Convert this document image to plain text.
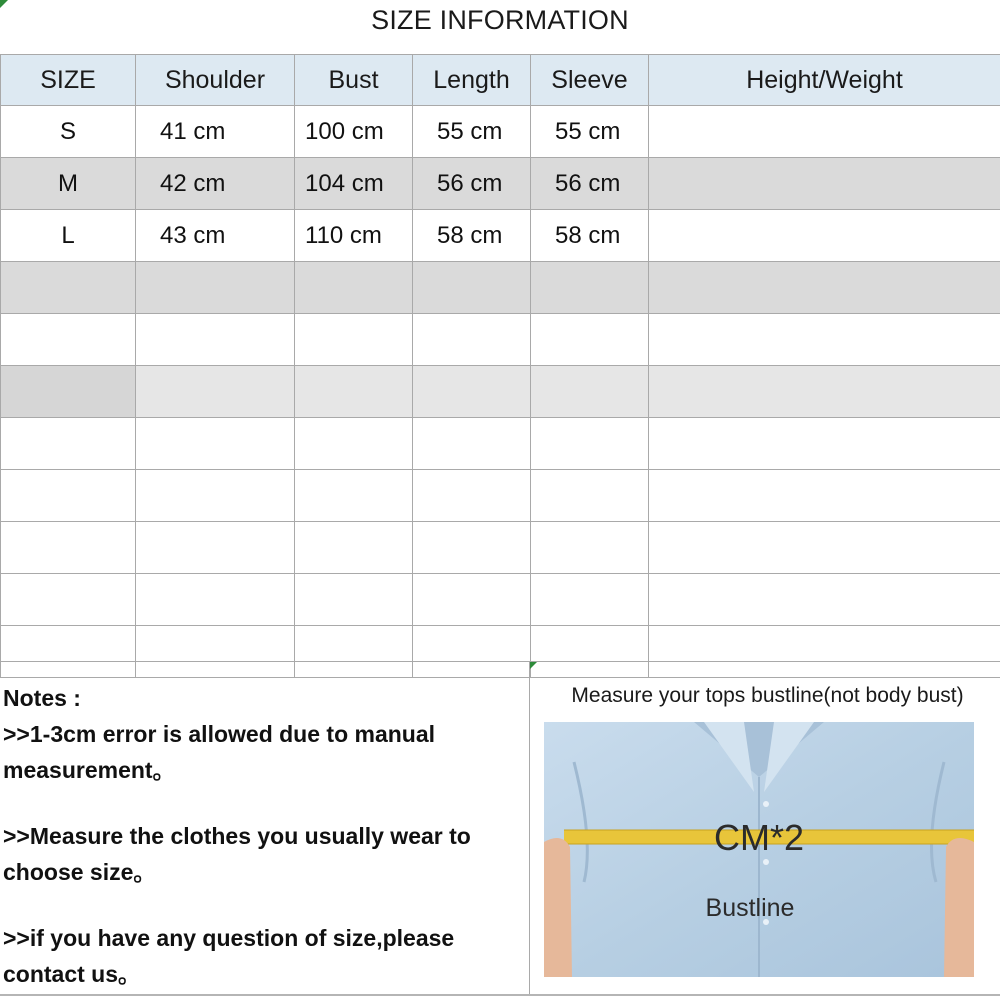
SIZE INFORMATION
SIZE	Shoulder	Bust	Length	Sleeve	Height/Weight
S	41 cm	100 cm	55 cm	55 cm	
M	42 cm	104 cm	56 cm	56 cm	
L	43 cm	110 cm	58 cm	58 cm	

Notes :

>>1-3cm error is allowed due to manual measurement。

>>Measure the clothes you usually wear to choose size。

>>if you have any question of size,please contact us。

Measure your tops bustline(not body bust)
CM*2
Bustline
